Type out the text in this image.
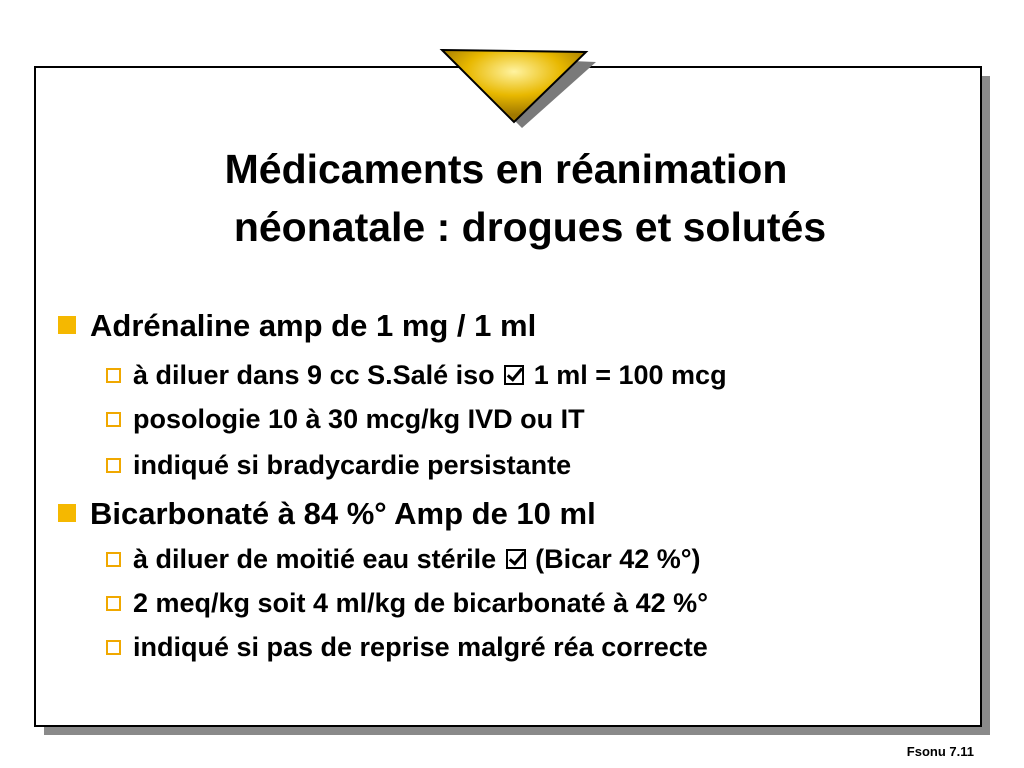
Médicaments en réanimation
néonatale : drogues et solutés
Adrénaline amp de 1 mg / 1 ml
à diluer dans 9 cc S.Salé iso 1 ml = 100 mcg
posologie 10 à 30 mcg/kg IVD ou IT
indiqué si bradycardie persistante
Bicarbonaté à 84 %° Amp de 10 ml
à diluer de moitié eau stérile (Bicar 42 %°)
2 meq/kg soit 4 ml/kg de bicarbonaté à 42 %°
indiqué si pas de reprise malgré réa correcte
Fsonu 7.11
